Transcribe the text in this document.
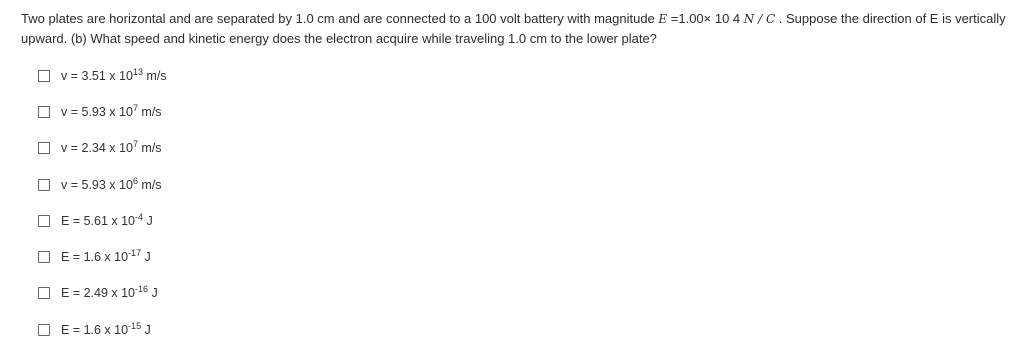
Two plates are horizontal and are separated by 1.0 cm and are connected to a 100 volt battery with magnitude E =1.00× 10 4 N / C . Suppose the direction of E is vertically upward. (b) What speed and kinetic energy does the electron acquire while traveling 1.0 cm to the lower plate?
v = 3.51 x $10^{13}$ m/s
v = 5.93 x $10^7$ m/s
v = 2.34 x $10^7$ m/s
v = 5.93 x $10^6$ m/s
E = 5.61 x $10^{-4}$ J
E = 1.6 x $10^{-17}$ J
E = 2.49 x $10^{-16}$ J
E = 1.6 x $10^{-15}$ J
